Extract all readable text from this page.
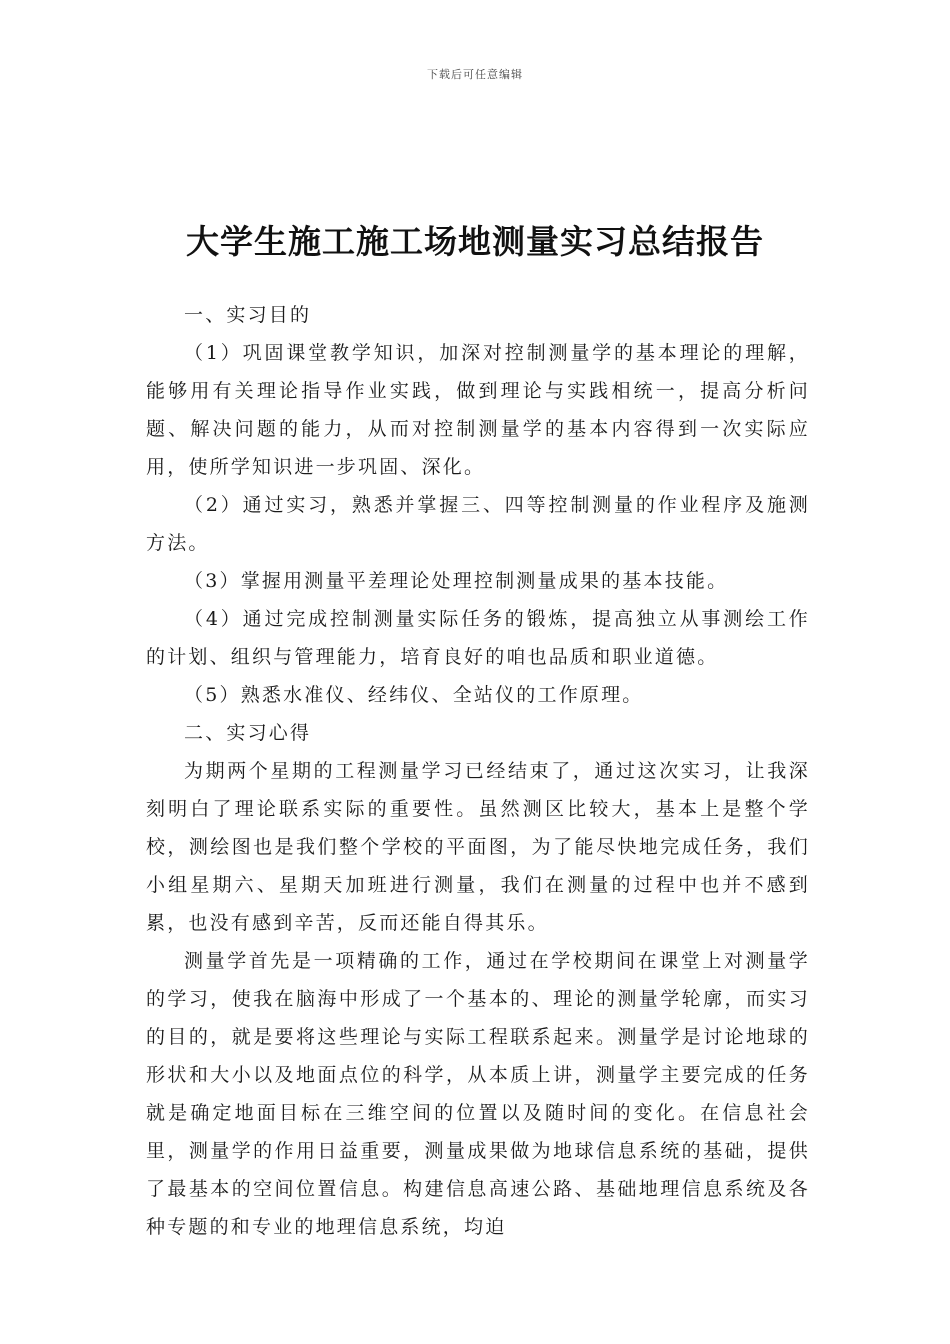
下载后可任意编辑
大学生施工施工场地测量实习总结报告

一、实习目的

（1）巩固课堂教学知识，加深对控制测量学的基本理论的理解，能够用有关理论指导作业实践，做到理论与实践相统一，提高分析问题、解决问题的能力，从而对控制测量学的基本内容得到一次实际应用，使所学知识进一步巩固、深化。

（2）通过实习，熟悉并掌握三、四等控制测量的作业程序及施测方法。

（3）掌握用测量平差理论处理控制测量成果的基本技能。

（4）通过完成控制测量实际任务的锻炼，提高独立从事测绘工作的计划、组织与管理能力，培育良好的咱也品质和职业道德。

（5）熟悉水准仪、经纬仪、全站仪的工作原理。

二、实习心得

为期两个星期的工程测量学习已经结束了，通过这次实习，让我深刻明白了理论联系实际的重要性。虽然测区比较大，基本上是整个学校，测绘图也是我们整个学校的平面图，为了能尽快地完成任务，我们小组星期六、星期天加班进行测量，我们在测量的过程中也并不感到累，也没有感到辛苦，反而还能自得其乐。

测量学首先是一项精确的工作，通过在学校期间在课堂上对测量学的学习，使我在脑海中形成了一个基本的、理论的测量学轮廓，而实习的目的，就是要将这些理论与实际工程联系起来。测量学是讨论地球的形状和大小以及地面点位的科学，从本质上讲，测量学主要完成的任务就是确定地面目标在三维空间的位置以及随时间的变化。在信息社会里，测量学的作用日益重要，测量成果做为地球信息系统的基础，提供了最基本的空间位置信息。构建信息高速公路、基础地理信息系统及各种专题的和专业的地理信息系统，均迫
